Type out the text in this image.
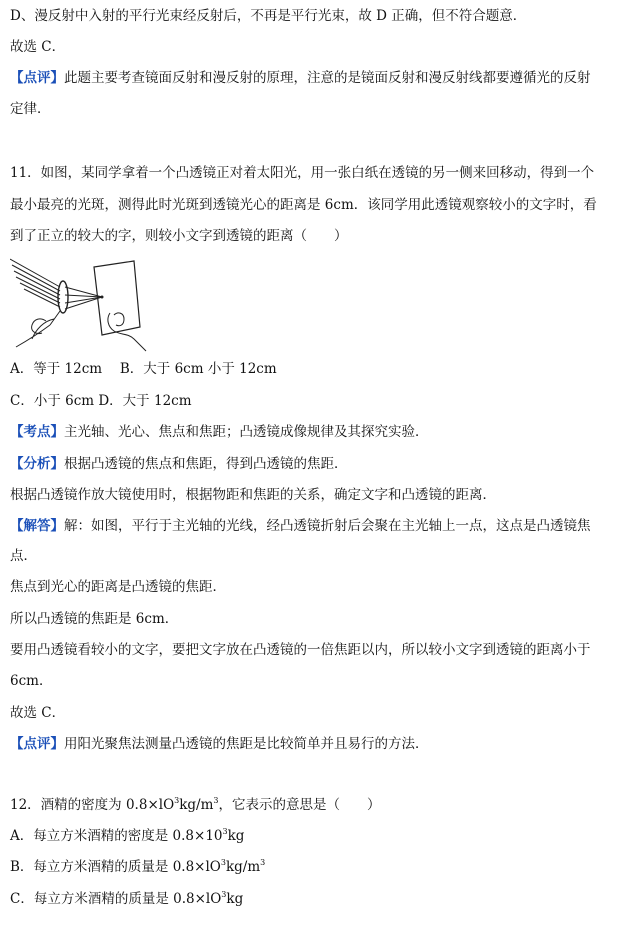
D、漫反射中入射的平行光束经反射后，不再是平行光束，故 D 正确，但不符合题意．
故选 C．
【点评】此题主要考查镜面反射和漫反射的原理，注意的是镜面反射和漫反射线都要遵循光的反射
定律．
11．如图，某同学拿着一个凸透镜正对着太阳光，用一张白纸在透镜的另一侧来回移动，得到一个
最小最亮的光斑，测得此时光斑到透镜光心的距离是 6cm．该同学用此透镜观察较小的文字时，看
到了正立的较大的字，则较小文字到透镜的距离（　　）
A．等于 12cm　 B．大于 6cm 小于 12cm
C．小于 6cm D．大于 12cm
【考点】主光轴、光心、焦点和焦距；凸透镜成像规律及其探究实验．
【分析】根据凸透镜的焦点和焦距，得到凸透镜的焦距．
根据凸透镜作放大镜使用时，根据物距和焦距的关系，确定文字和凸透镜的距离．
【解答】解：如图，平行于主光轴的光线，经凸透镜折射后会聚在主光轴上一点，这点是凸透镜焦
点．
焦点到光心的距离是凸透镜的焦距．
所以凸透镜的焦距是 6cm．
要用凸透镜看较小的文字，要把文字放在凸透镜的一倍焦距以内，所以较小文字到透镜的距离小于
6cm．
故选 C．
【点评】用阳光聚焦法测量凸透镜的焦距是比较简单并且易行的方法．
12．酒精的密度为 $0.8\times lO^3kg/m^3$，它表示的意思是（　　）
A．每立方米酒精的密度是 $0.8\times 10^3kg$
B．每立方米酒精的质量是 $0.8\times lO^3kg/m^3$
C．每立方米酒精的质量是 $0.8\times lO^3kg$
